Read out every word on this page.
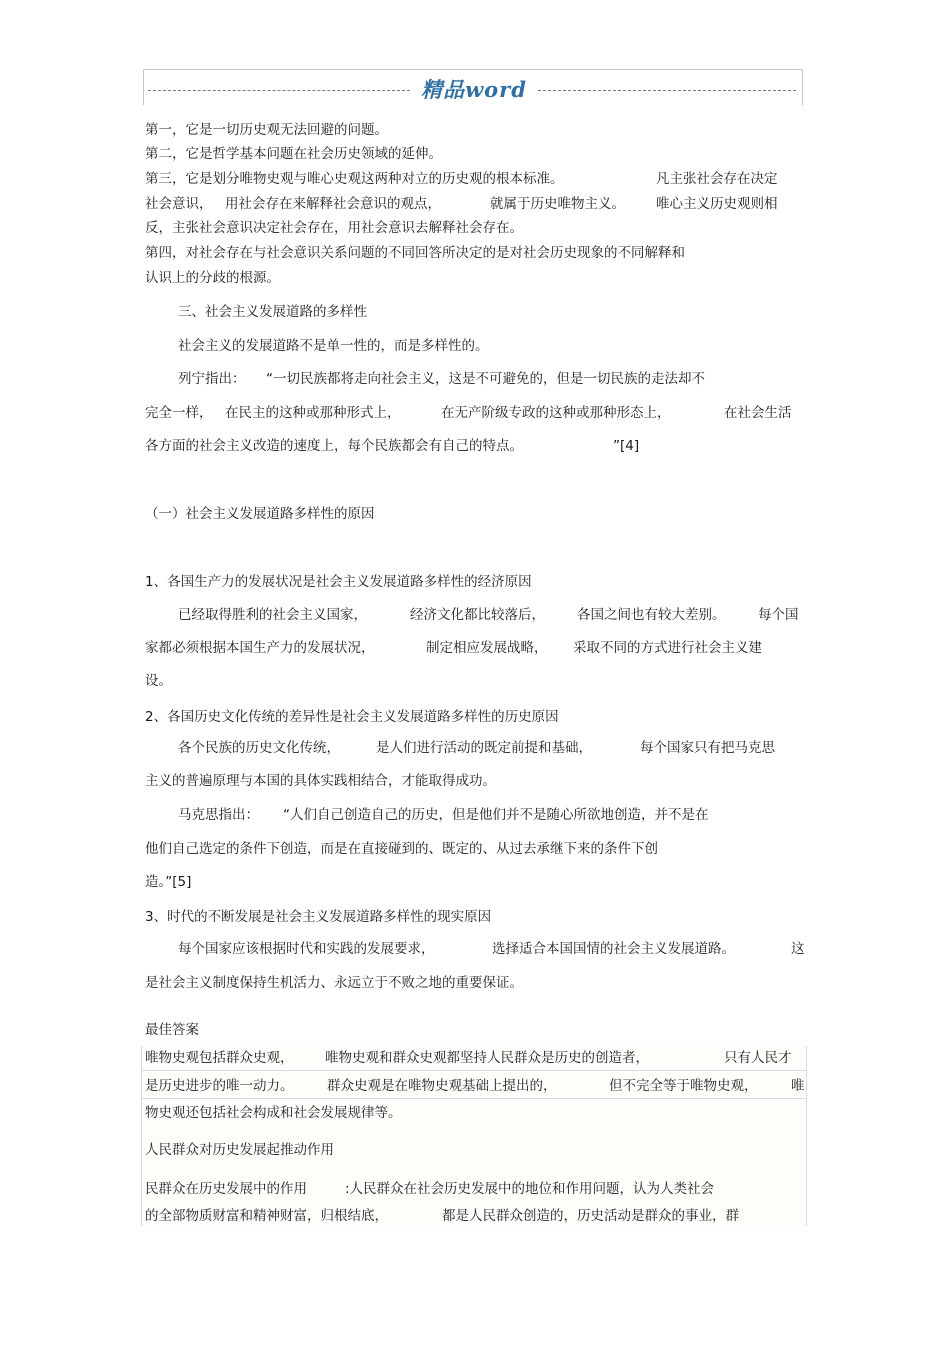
精品word
第一，它是一切历史观无法回避的问题。
第二，它是哲学基本问题在社会历史领域的延伸。
第三，它是划分唯物史观与唯心史观这两种对立的历史观的根本标准。	凡主张社会存在决定
社会意识， 用社会存在来解释社会意识的观点，	就属于历史唯物主义。 唯心主义历史观则相
反，主张社会意识决定社会存在，用社会意识去解释社会存在。
第四，对社会存在与社会意识关系问题的不同回答所决定的是对社会历史现象的不同解释和
认识上的分歧的根源。
三、社会主义发展道路的多样性
社会主义的发展道路不是单一性的，而是多样性的。
列宁指出： “一切民族都将走向社会主义，这是不可避免的，但是一切民族的走法却不
完全一样， 在民主的这种或那种形式上，	在无产阶级专政的这种或那种形态上，	在社会生活
各方面的社会主义改造的速度上，每个民族都会有自己的特点。	”[4]
（一）社会主义发展道路多样性的原因
1、各国生产力的发展状况是社会主义发展道路多样性的经济原因
已经取得胜利的社会主义国家，	经济文化都比较落后， 各国之间也有较大差别。 每个国
家都必须根据本国生产力的发展状况，	制定相应发展战略， 采取不同的方式进行社会主义建
设。
2、各国历史文化传统的差异性是社会主义发展道路多样性的历史原因
各个民族的历史文化传统，	是人们进行活动的既定前提和基础，	每个国家只有把马克思
主义的普遍原理与本国的具体实践相结合，才能取得成功。
马克思指出： “人们自己创造自己的历史，但是他们并不是随心所欲地创造，并不是在
他们自己选定的条件下创造，而是在直接碰到的、既定的、从过去承继下来的条件下创
造。”[5]
3、时代的不断发展是社会主义发展道路多样性的现实原因
每个国家应该根据时代和实践的发展要求，	选择适合本国国情的社会主义发展道路。	这
是社会主义制度保持生机活力、永远立于不败之地的重要保证。
最佳答案
唯物史观包括群众史观， 唯物史观和群众史观都坚持人民群众是历史的创造者，	只有人民才
是历史进步的唯一动力。 群众史观是在唯物史观基础上提出的，	但不完全等于唯物史观， 唯
物史观还包括社会构成和社会发展规律等。
人民群众对历史发展起推动作用
民群众在历史发展中的作用	:人民群众在社会历史发展中的地位和作用问题，认为人类社会
的全部物质财富和精神财富，归根结底，	都是人民群众创造的，历史活动是群众的事业，群
